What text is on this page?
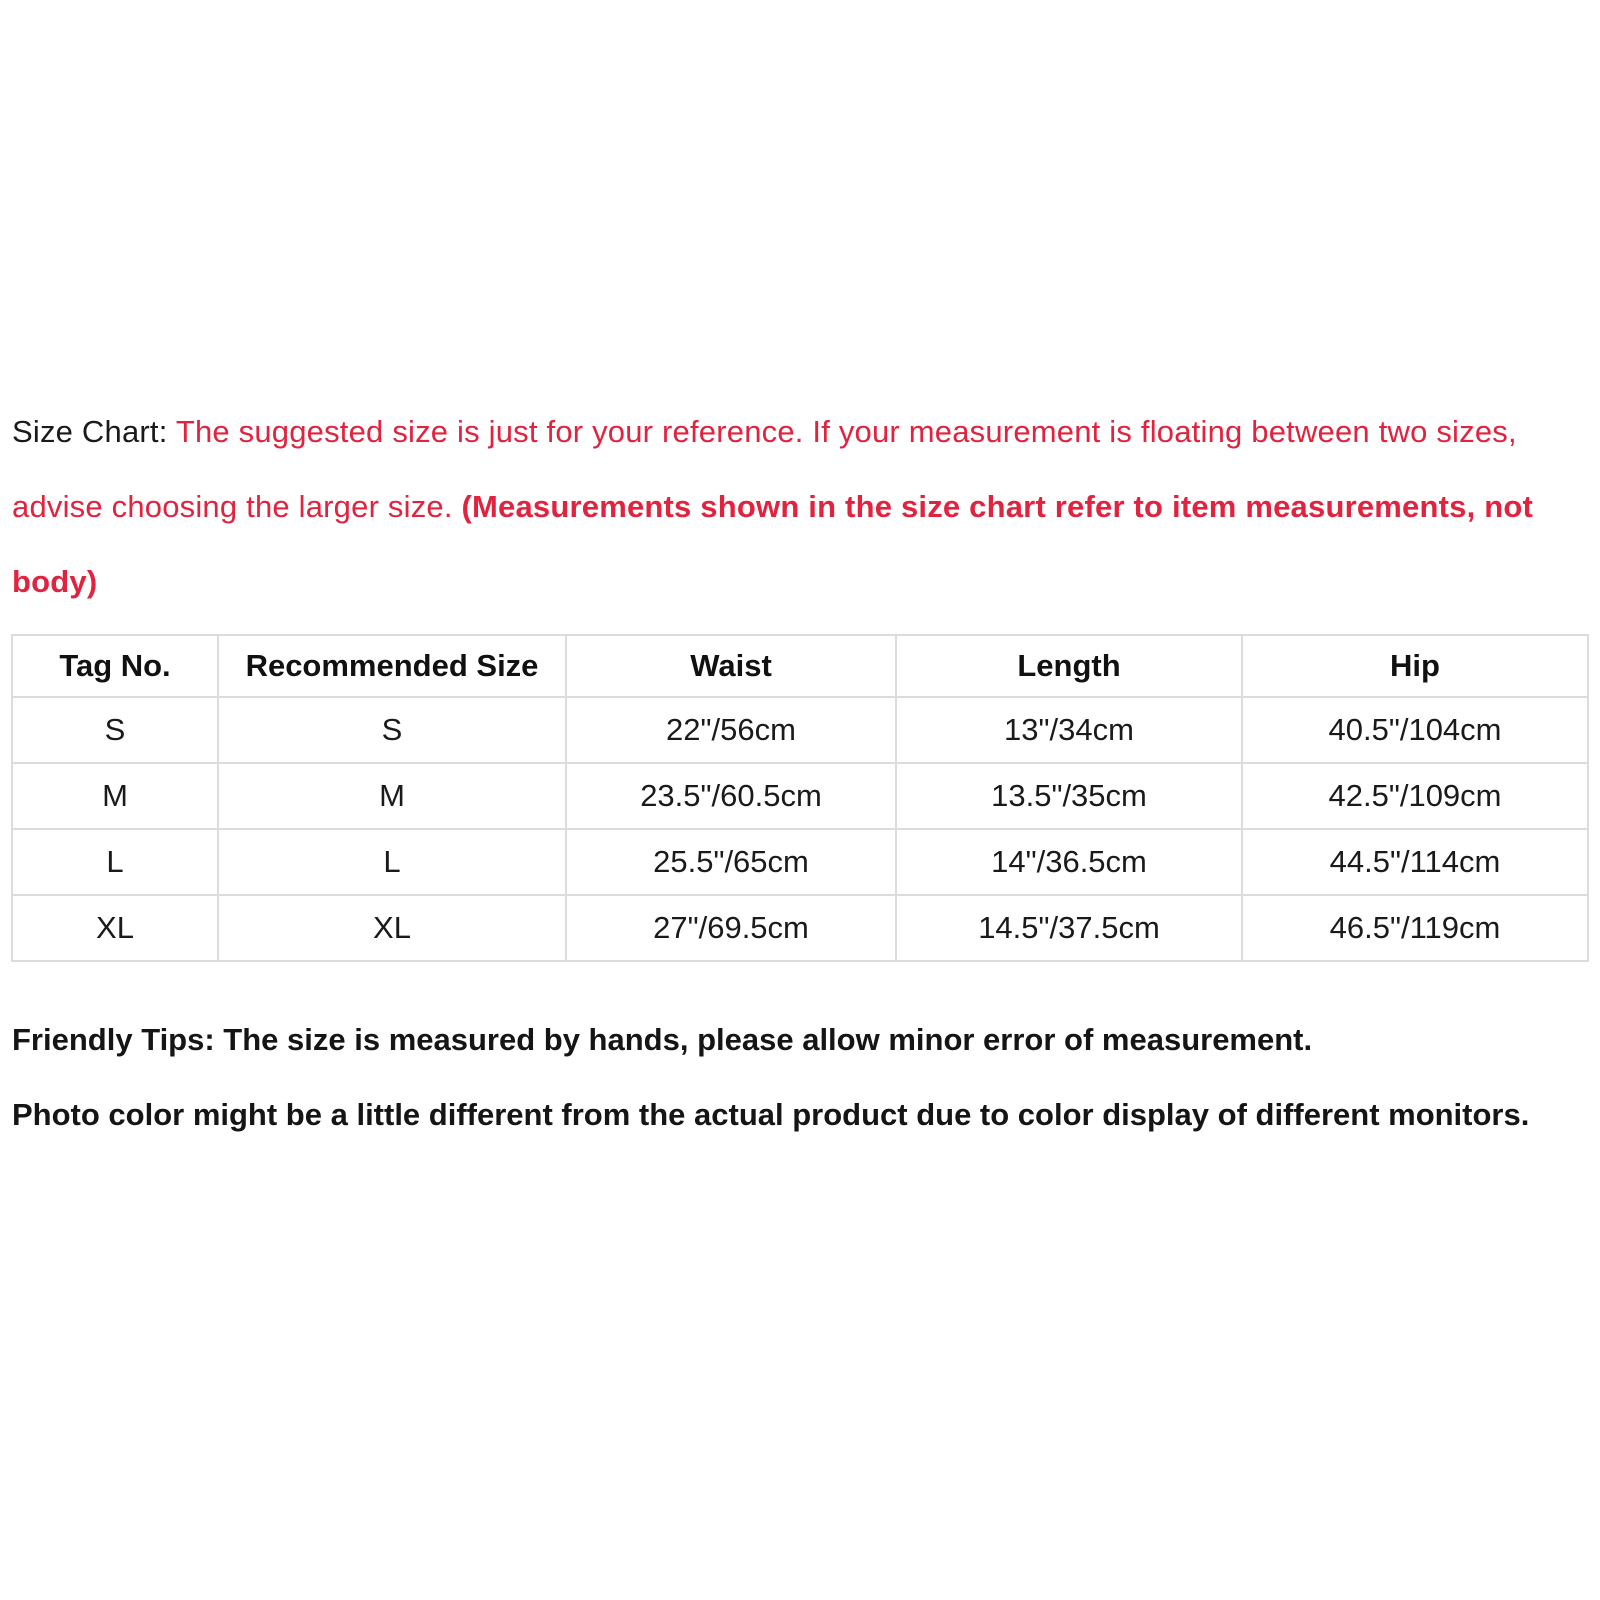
Size Chart: The suggested size is just for your reference. If your measurement is floating between two sizes, advise choosing the larger size. (Measurements shown in the size chart refer to item measurements, not body)
Tag No.	Recommended Size	Waist	Length	Hip
S	S	22"/56cm	13"/34cm	40.5"/104cm
M	M	23.5"/60.5cm	13.5"/35cm	42.5"/109cm
L	L	25.5"/65cm	14"/36.5cm	44.5"/114cm
XL	XL	27"/69.5cm	14.5"/37.5cm	46.5"/119cm
Friendly Tips: The size is measured by hands, please allow minor error of measurement.
Photo color might be a little different from the actual product due to color display of different monitors.
